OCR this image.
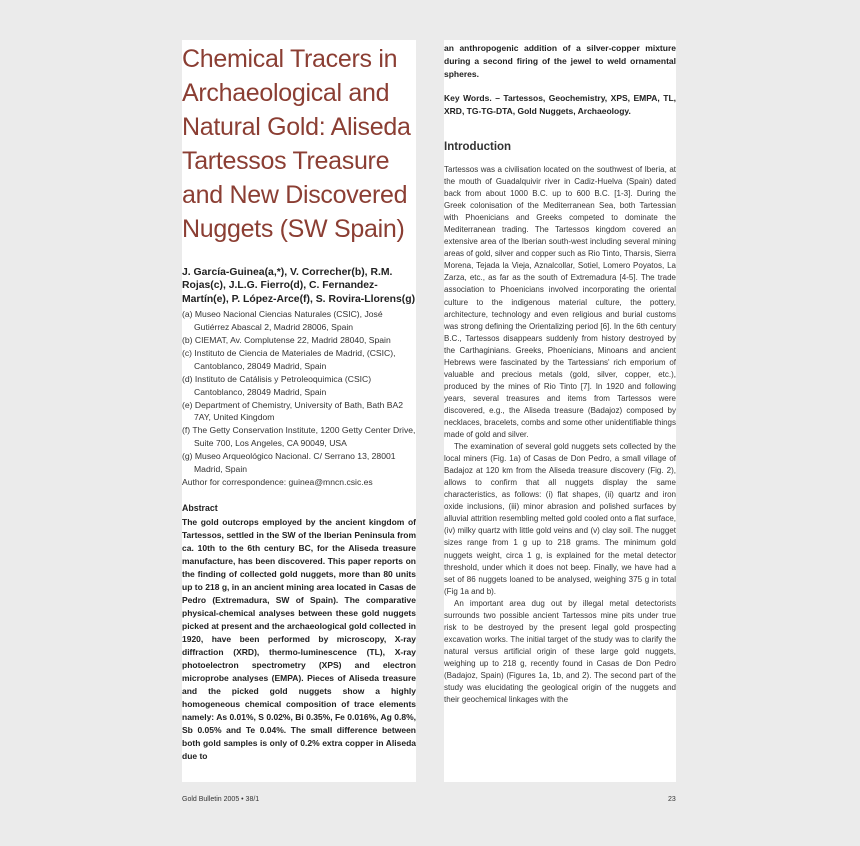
Chemical Tracers in Archaeological and Natural Gold: Aliseda Tartessos Treasure and New Discovered Nuggets (SW Spain)
J. García-Guinea(a,*), V. Correcher(b), R.M. Rojas(c), J.L.G. Fierro(d), C. Fernandez-Martín(e), P. López-Arce(f), S. Rovira-Llorens(g)
(a) Museo Nacional Ciencias Naturales (CSIC), José Gutiérrez Abascal 2, Madrid 28006, Spain
(b) CIEMAT, Av. Complutense 22, Madrid 28040, Spain
(c) Instituto de Ciencia de Materiales de Madrid, (CSIC), Cantoblanco, 28049 Madrid, Spain
(d) Instituto de Catálisis y Petroleoquimica (CSIC) Cantoblanco, 28049 Madrid, Spain
(e) Department of Chemistry, University of Bath, Bath BA2 7AY, United Kingdom
(f) The Getty Conservation Institute, 1200 Getty Center Drive, Suite 700, Los Angeles, CA 90049, USA
(g) Museo Arqueológico Nacional. C/ Serrano 13, 28001 Madrid, Spain
Author for correspondence: guinea@mncn.csic.es
Abstract
The gold outcrops employed by the ancient kingdom of Tartessos, settled in the SW of the Iberian Peninsula from ca. 10th to the 6th century BC, for the Aliseda treasure manufacture, has been discovered. This paper reports on the finding of collected gold nuggets, more than 80 units up to 218 g, in an ancient mining area located in Casas de Pedro (Extremadura, SW of Spain). The comparative physical-chemical analyses between these gold nuggets picked at present and the archaeological gold collected in 1920, have been performed by microscopy, X-ray diffraction (XRD), thermo-luminescence (TL), X-ray photoelectron spectrometry (XPS) and electron microprobe analyses (EMPA). Pieces of Aliseda treasure and the picked gold nuggets show a highly homogeneous chemical composition of trace elements namely: As 0.01%, S 0.02%, Bi 0.35%, Fe 0.016%, Ag 0.8%, Sb 0.05% and Te 0.04%. The small difference between both gold samples is only of 0.2% extra copper in Aliseda due to
an anthropogenic addition of a silver-copper mixture during a second firing of the jewel to weld ornamental spheres.
Key Words. – Tartessos, Geochemistry, XPS, EMPA, TL, XRD, TG-TG-DTA, Gold Nuggets, Archaeology.
Introduction

Tartessos was a civilisation located on the southwest of Iberia, at the mouth of Guadalquivir river in Cadiz-Huelva (Spain) dated back from about 1000 B.C. up to 600 B.C. [1-3]. During the Greek colonisation of the Mediterranean Sea, both Tartessian with Phoenicians and Greeks competed to dominate the Mediterranean trading. The Tartessos kingdom covered an extensive area of the Iberian south-west including several mining areas of gold, silver and copper such as Rio Tinto, Tharsis, Sierra Morena, Tejada la Vieja, Aznalcollar, Sotiel, Lomero Poyatos, La Zarza, etc., as far as the south of Extremadura [4-5]. The trade association to Phoenicians involved incorporating the oriental culture to the indigenous material culture, the pottery, architecture, technology and even religious and burial customs was strong defining the Orientalizing period [6]. In the 6th century B.C., Tartessos disappears suddenly from history destroyed by the Carthaginians. Greeks, Phoenicians, Minoans and ancient Hebrews were fascinated by the Tartessians' rich emporium of valuable and precious metals (gold, silver, copper, etc.), produced by the mines of Rio Tinto [7]. In 1920 and following years, several treasures and items from Tartessos were discovered, e.g., the Aliseda treasure (Badajoz) composed by necklaces, bracelets, combs and some other unidentifiable things made of gold and silver.

The examination of several gold nuggets sets collected by the local miners (Fig. 1a) of Casas de Don Pedro, a small village of Badajoz at 120 km from the Aliseda treasure discovery (Fig. 2), allows to confirm that all nuggets display the same characteristics, as follows: (i) flat shapes, (ii) quartz and iron oxide inclusions, (iii) minor abrasion and polished surfaces by alluvial attrition resembling melted gold cooled onto a flat surface, (iv) milky quartz with little gold veins and (v) clay soil. The nugget sizes range from 1 g up to 218 grams. The minimum gold nuggets weight, circa 1 g, is explained for the metal detector threshold, under which it does not beep. Finally, we have had a set of 86 nuggets loaned to be analysed, weighing 375 g in total (Fig 1a and b).

An important area dug out by illegal metal detectorists surrounds two possible ancient Tartessos mine pits under true risk to be destroyed by the present legal gold prospecting excavation works. The initial target of the study was to clarify the natural versus artificial origin of these large gold nuggets, weighing up to 218 g, recently found in Casas de Don Pedro (Badajoz, Spain) (Figures 1a, 1b, and 2). The second part of the study was elucidating the geological origin of the nuggets and their geochemical linkages with the

Gold Bulletin 2005 • 38/1	23
